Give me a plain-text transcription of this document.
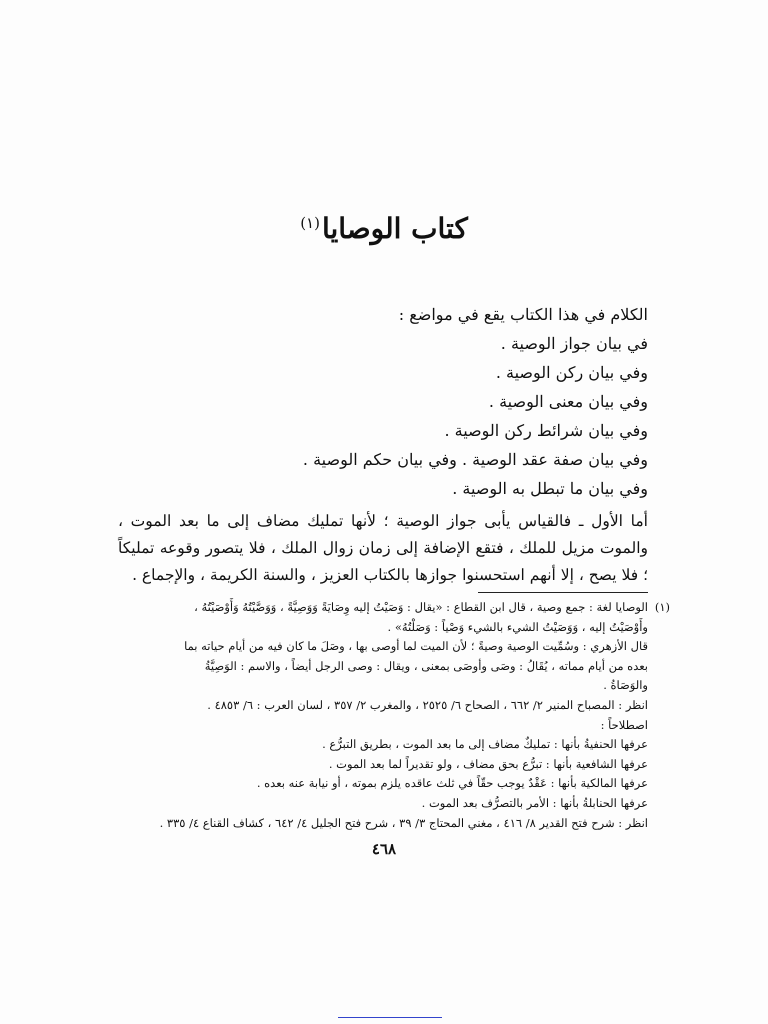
كتاب الوصايا$^{(١)}$
الكلام في هذا الكتاب يقع في مواضع :
في بيان جواز الوصية .
وفي بيان ركن الوصية .
وفي بيان معنى الوصية .
وفي بيان شرائط ركن الوصية .
وفي بيان صفة عقد الوصية . وفي بيان حكم الوصية .
وفي بيان ما تبطل به الوصية .
أما الأول ـ فالقياس يأبى جواز الوصية ؛ لأنها تمليك مضاف إلى ما بعد الموت ، والموت مزيل للملك ، فتقع الإضافة إلى زمان زوال الملك ، فلا يتصور وقوعه تمليكاً ؛ فلا يصح ، إلا أنهم استحسنوا جوازها بالكتاب العزيز ، والسنة الكريمة ، والإجماع .
(١)
الوصايا لغة : جمع وصية ، قال ابن القطاع : «يقال : وَصَيْتُ إليه وِصَايَةً وَوَصِيَّةً ، وَوَصَّيْتُهُ وَأَوْصَيْتُهُ ،
وأَوْصَيْتُ إليه ، وَوَصَيْتُ الشيء بالشيء وَصْياً : وَصَلْتُهُ» .
قال الأزهري : وسُمِّيت الوصية وصيةً ؛ لأن الميت لما أوصى بها ، وصَلَ ما كان فيه من أيام حياته بما
بعده من أيام مماته ، يُقَالُ : وصَى وأوصَى بمعنى ، ويقال : وصى الرجل أيضاً ، والاسم : الوَصِيَّةُ
والوَصَاةُ .
انظر : المصباح المنير ٢/ ٦٦٢ ، الصحاح ٦/ ٢٥٢٥ ، والمغرب ٢/ ٣٥٧ ، لسان العرب : ٦/ ٤٨٥٣ .
اصطلاحاً :
عرفها الحنفيةُ بأنها : تمليكٌ مضاف إلى ما بعد الموت ، بطريق التبرُّع .
عرفها الشافعية بأنها : تبرُّع بحق مضاف ، ولو تقديراً لما بعد الموت .
عرفها المالكية بأنها : عَقْدٌ يوجب حقّاً في ثلث عاقده يلزم بموته ، أو نيابة عنه بعده .
عرفها الحنابلةُ بأنها : الأمر بالتصرُّف بعد الموت .
انظر : شرح فتح القدير ٨/ ٤١٦ ، مغني المحتاج ٣/ ٣٩ ، شرح فتح الجليل ٤/ ٦٤٢ ، كشاف القناع ٤/ ٣٣٥ .
٤٦٨
